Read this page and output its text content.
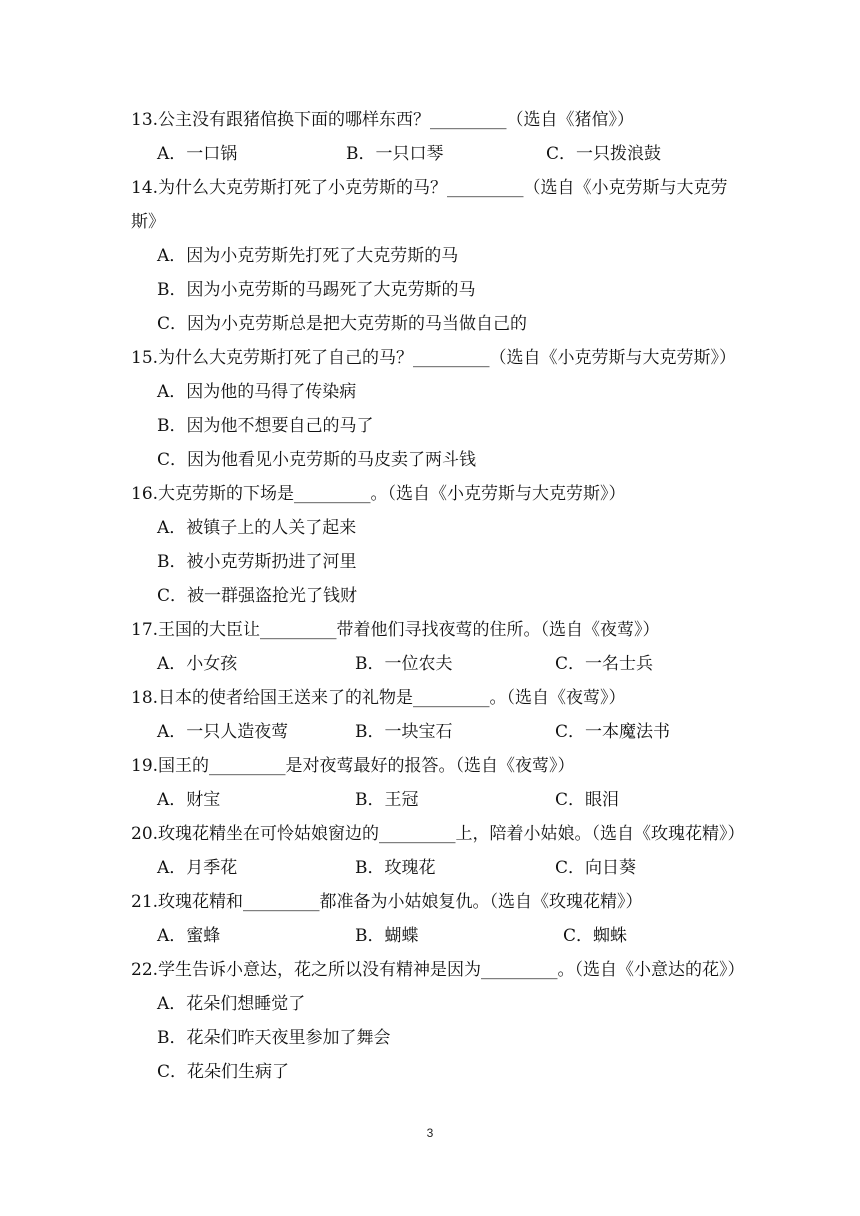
13.公主没有跟猪倌换下面的哪样东西？_________（选自《猪倌》）
A．一口锅	B．一只口琴	C．一只拨浪鼓
14.为什么大克劳斯打死了小克劳斯的马？_________（选自《小克劳斯与大克劳斯》
A．因为小克劳斯先打死了大克劳斯的马
B．因为小克劳斯的马踢死了大克劳斯的马
C．因为小克劳斯总是把大克劳斯的马当做自己的
15.为什么大克劳斯打死了自己的马？_________（选自《小克劳斯与大克劳斯》）
A．因为他的马得了传染病
B．因为他不想要自己的马了
C．因为他看见小克劳斯的马皮卖了两斗钱
16.大克劳斯的下场是_________。（选自《小克劳斯与大克劳斯》）
A．被镇子上的人关了起来
B．被小克劳斯扔进了河里
C．被一群强盗抢光了钱财
17.王国的大臣让_________带着他们寻找夜莺的住所。（选自《夜莺》）
A．小女孩	B．一位农夫	C．一名士兵
18.日本的使者给国王送来了的礼物是_________。（选自《夜莺》）
A．一只人造夜莺	B．一块宝石	C．一本魔法书
19.国王的_________是对夜莺最好的报答。（选自《夜莺》）
A．财宝	B．王冠	C．眼泪
20.玫瑰花精坐在可怜姑娘窗边的_________上，陪着小姑娘。（选自《玫瑰花精》）
A．月季花	B．玫瑰花	C．向日葵
21.玫瑰花精和_________都准备为小姑娘复仇。（选自《玫瑰花精》）
A．蜜蜂	B．蝴蝶	C．蜘蛛
22.学生告诉小意达，花之所以没有精神是因为_________。（选自《小意达的花》）
A．花朵们想睡觉了
B．花朵们昨天夜里参加了舞会
C．花朵们生病了
3
